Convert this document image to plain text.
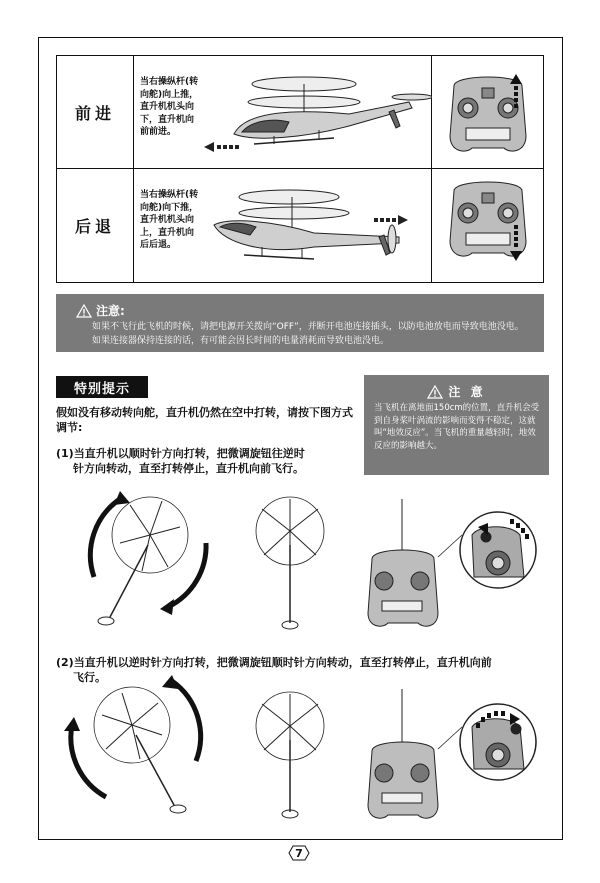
前进
当右操纵杆(转向舵)向上推，直升机机头向下，直升机向前前进。
后退
当右操纵杆(转向舵)向下推，直升机机头向上，直升机向后后退。
注意:
如果不飞行此飞机的时候，请把电源开关拨向“OFF”，并断开电池连接插头，以防电池放电而导致电池没电。如果连接器保持连接的话，有可能会因长时间的电量消耗而导致电池没电。
特别提示
假如没有移动转向舵，直升机仍然在空中打转，请按下图方式调节:
注 意
当飞机在离地面150cm的位置，直升机会受到自身桨叶涡流的影响而变得不稳定，这就叫“地效反应”。当飞机的重量越轻时，地效反应的影响越大。
(1)当直升机以顺时针方向打转，把微调旋钮往逆时
针方向转动，直至打转停止，直升机向前飞行。
(2)当直升机以逆时针方向打转，把微调旋钮顺时针方向转动，直至打转停止，直升机向前
飞行。
7
